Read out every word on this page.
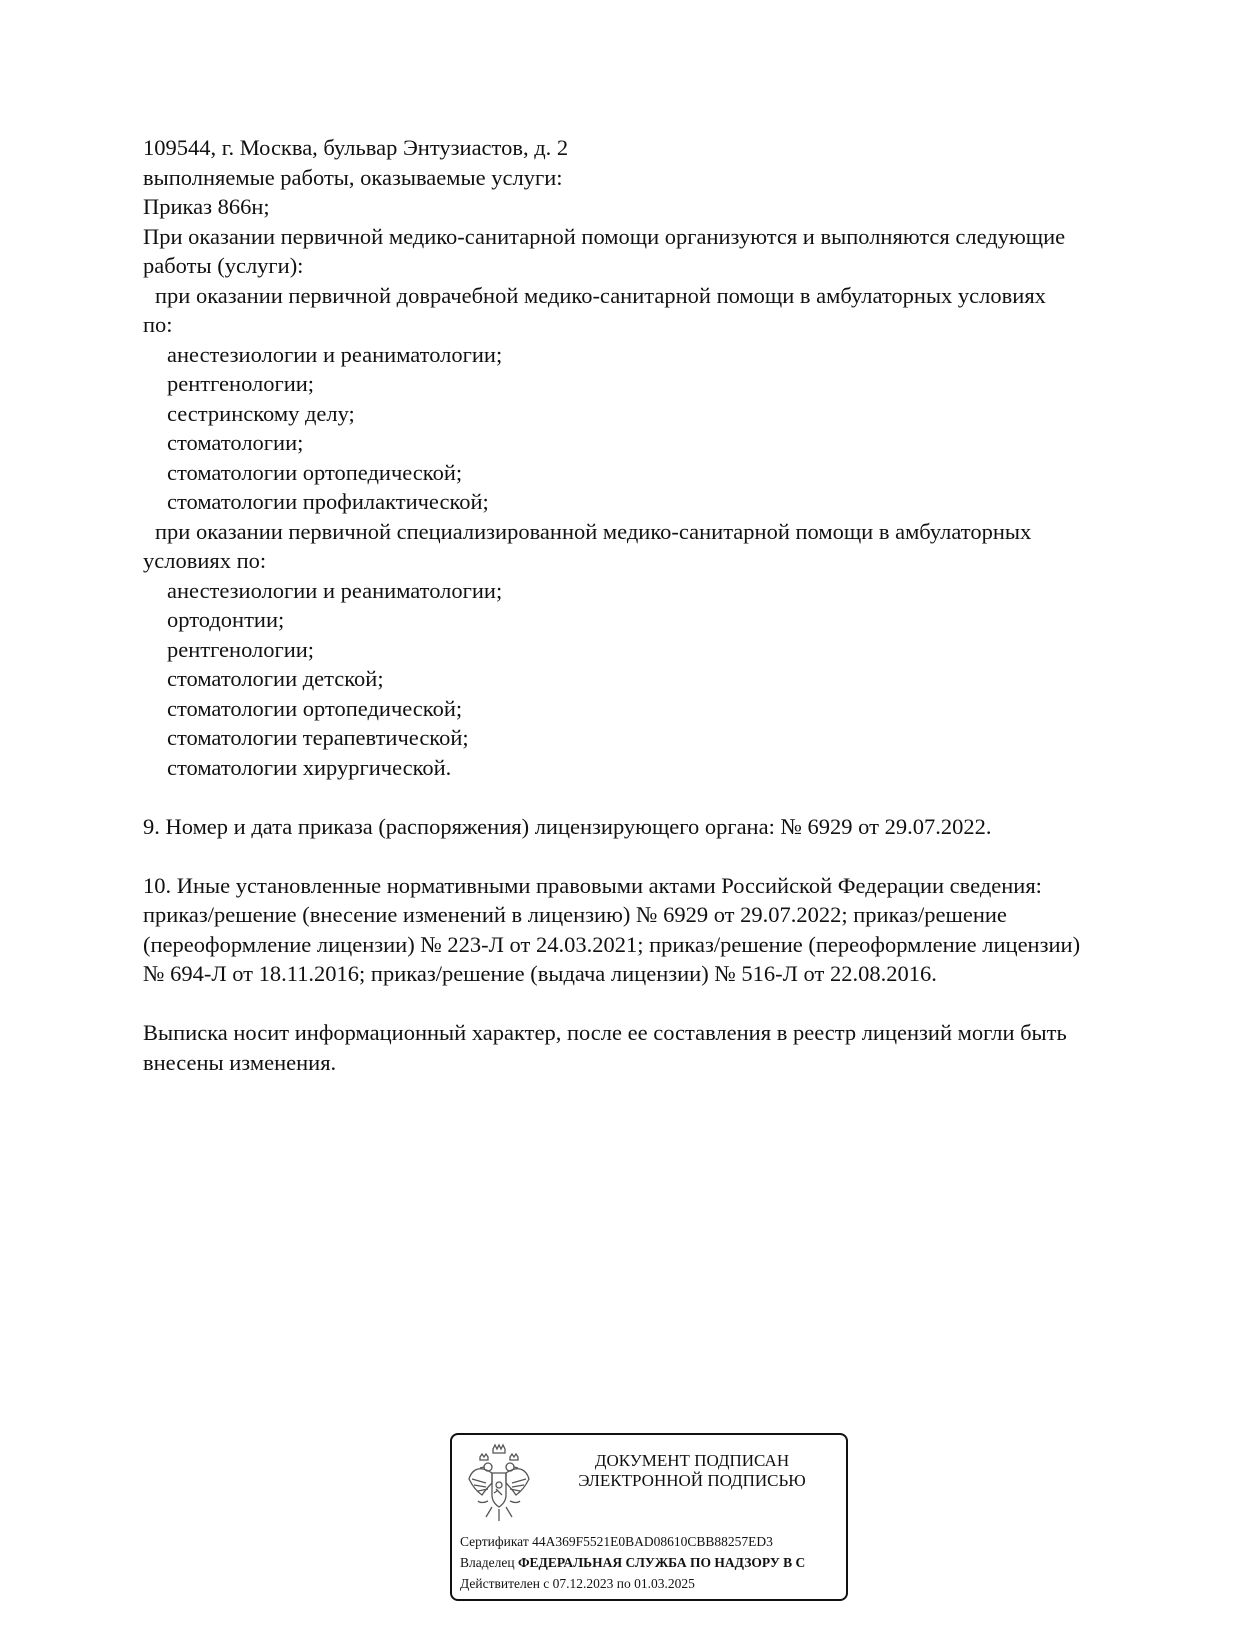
109544, г. Москва, бульвар Энтузиастов, д. 2
выполняемые работы, оказываемые услуги:
Приказ 866н;
При оказании первичной медико-санитарной помощи организуются и выполняются следующие
работы (услуги):
при оказании первичной доврачебной медико-санитарной помощи в амбулаторных условиях
по:
анестезиологии и реаниматологии;
рентгенологии;
сестринскому делу;
стоматологии;
стоматологии ортопедической;
стоматологии профилактической;
при оказании первичной специализированной медико-санитарной помощи в амбулаторных
условиях по:
анестезиологии и реаниматологии;
ортодонтии;
рентгенологии;
стоматологии детской;
стоматологии ортопедической;
стоматологии терапевтической;
стоматологии хирургической.
9. Номер и дата приказа (распоряжения) лицензирующего органа: № 6929 от 29.07.2022.
10. Иные установленные нормативными правовыми актами Российской Федерации сведения:
приказ/решение (внесение изменений в лицензию) № 6929 от 29.07.2022; приказ/решение
(переоформление лицензии) № 223-Л от 24.03.2021; приказ/решение (переоформление лицензии)
№ 694-Л от 18.11.2016; приказ/решение (выдача лицензии) № 516-Л от 22.08.2016.
Выписка носит информационный характер, после ее составления в реестр лицензий могли быть
внесены изменения.
ДОКУМЕНТ ПОДПИСАН
ЭЛЕКТРОННОЙ ПОДПИСЬЮ
Сертификат 44A369F5521E0BAD08610CBB88257ED3
Владелец ФЕДЕРАЛЬНАЯ СЛУЖБА ПО НАДЗОРУ В С
Действителен с 07.12.2023 по 01.03.2025
